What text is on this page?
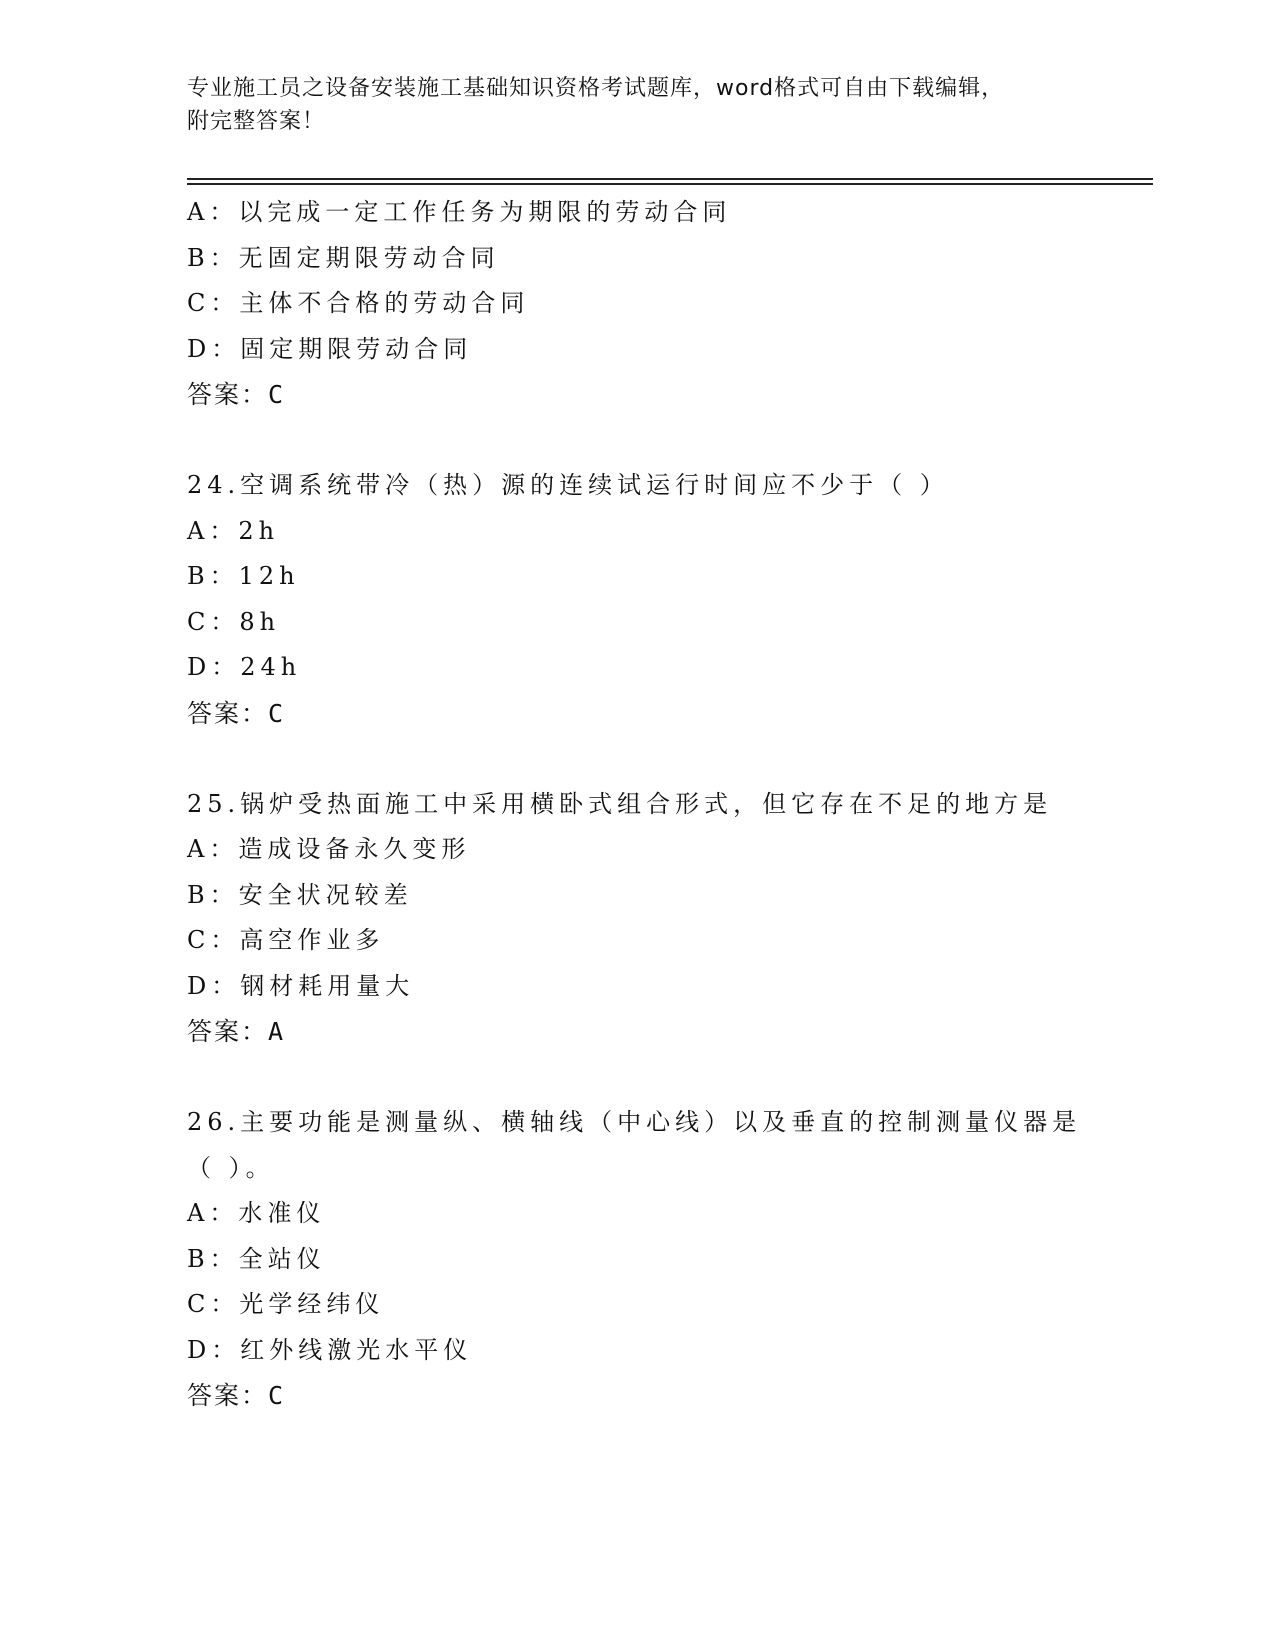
专业施工员之设备安装施工基础知识资格考试题库，word格式可自由下载编辑，
附完整答案！
A：以完成一定工作任务为期限的劳动合同
B：无固定期限劳动合同
C：主体不合格的劳动合同
D：固定期限劳动合同
答案：C
24.空调系统带冷（热）源的连续试运行时间应不少于（ ）
A：2h
B：12h
C：8h
D：24h
答案：C
25.锅炉受热面施工中采用横卧式组合形式，但它存在不足的地方是
A：造成设备永久变形
B：安全状况较差
C：高空作业多
D：钢材耗用量大
答案：A
26.主要功能是测量纵、横轴线（中心线）以及垂直的控制测量仪器是（ ）。
A：水准仪
B：全站仪
C：光学经纬仪
D：红外线激光水平仪
答案：C
